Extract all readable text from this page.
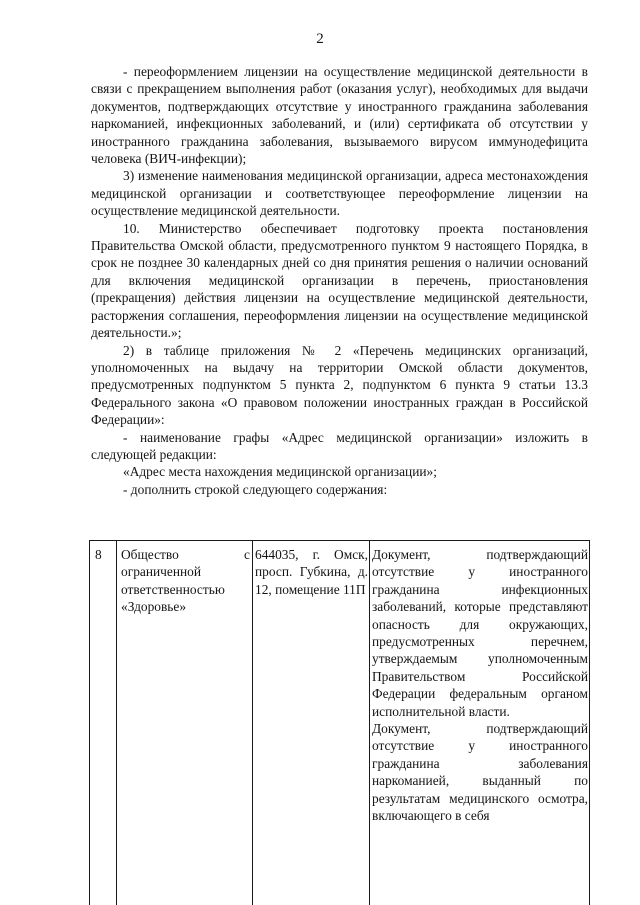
2

- переоформлением лицензии на осуществление медицинской деятельности в связи с прекращением выполнения работ (оказания услуг), необходимых для выдачи документов, подтверждающих отсутствие у иностранного гражданина заболевания наркоманией, инфекционных заболеваний, и (или) сертификата об отсутствии у иностранного гражданина заболевания, вызываемого вирусом иммунодефицита человека (ВИЧ-инфекции);

3) изменение наименования медицинской организации, адреса местонахождения медицинской организации и соответствующее переоформление лицензии на осуществление медицинской деятельности.

10. Министерство обеспечивает подготовку проекта постановления Правительства Омской области, предусмотренного пунктом 9 настоящего Порядка, в срок не позднее 30 календарных дней со дня принятия решения о наличии оснований для включения медицинской организации в перечень, приостановления (прекращения) действия лицензии на осуществление медицинской деятельности, расторжения соглашения, переоформления лицензии на осуществление медицинской деятельности.»;

2) в таблице приложения № 2 «Перечень медицинских организаций, уполномоченных на выдачу на территории Омской области документов, предусмотренных подпунктом 5 пункта 2, подпунктом 6 пункта 9 статьи 13.3 Федерального закона «О правовом положении иностранных граждан в Российской Федерации»:

- наименование графы «Адрес медицинской организации» изложить в следующей редакции:

«Адрес места нахождения медицинской организации»;

- дополнить строкой следующего содержания:

8	Общество с ограниченной ответственностью «Здоровье»
644035, г. Омск, просп. Губкина, д. 12, помещение 11П
Документ, подтверждающий отсутствие у иностранного гражданина инфекционных заболеваний, которые представляют опасность для окружающих, предусмотренных перечнем, утверждаемым уполномоченным Правительством Российской Федерации федеральным органом исполнительной власти.
Документ, подтверждающий отсутствие у иностранного гражданина заболевания наркоманией, выданный по результатам медицинского осмотра, включающего в себя
